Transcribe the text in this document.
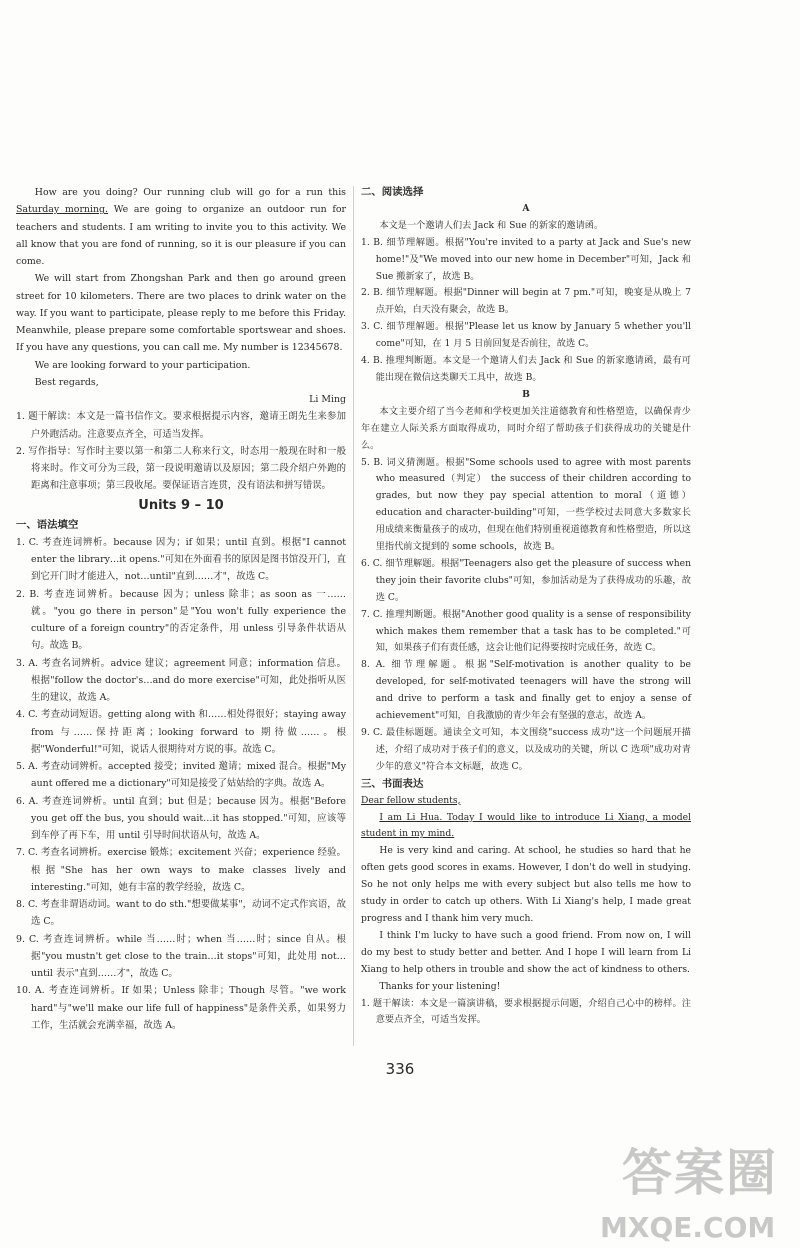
How are you doing? Our running club will go for a run this Saturday morning. We are going to organize an outdoor run for teachers and students. I am writing to invite you to this activity. We all know that you are fond of running, so it is our pleasure if you can come.

We will start from Zhongshan Park and then go around green street for 10 kilometers. There are two places to drink water on the way. If you want to participate, please reply to me before this Friday. Meanwhile, please prepare some comfortable sportswear and shoes. If you have any questions, you can call me. My number is 12345678.

We are looking forward to your participation.

Best regards,

Li Ming

1. 题干解读：本文是一篇书信作文。要求根据提示内容，邀请王朗先生来参加户外跑活动。注意要点齐全，可适当发挥。

2. 写作指导：写作时主要以第一和第二人称来行文，时态用一般现在时和一般将来时。作文可分为三段，第一段说明邀请以及原因；第二段介绍户外跑的距离和注意事项；第三段收尾。要保证语言连贯，没有语法和拼写错误。

Units 9 – 10

一、语法填空

1. C. 考查连词辨析。because 因为；if 如果；until 直到。根据"I cannot enter the library…it opens."可知在外面看书的原因是图书馆没开门，直到它开门时才能进入，not…until"直到……才"，故选 C。

2. B. 考查连词辨析。because 因为；unless 除非；as soon as 一……就。"you go there in person"是"You won't fully experience the culture of a foreign country"的否定条件，用 unless 引导条件状语从句。故选 B。

3. A. 考查名词辨析。advice 建议；agreement 同意；information 信息。根据"follow the doctor's…and do more exercise"可知，此处指听从医生的建议，故选 A。

4. C. 考查动词短语。getting along with 和……相处得很好；staying away from 与……保持距离；looking forward to 期待做……。根据"Wonderful!"可知，说话人很期待对方说的事。故选 C。

5. A. 考查动词辨析。accepted 接受；invited 邀请；mixed 混合。根据"My aunt offered me a dictionary"可知是接受了姑姑给的字典。故选 A。

6. A. 考查连词辨析。until 直到；but 但是；because 因为。根据"Before you get off the bus, you should wait…it has stopped."可知，应该等到车停了再下车，用 until 引导时间状语从句，故选 A。

7. C. 考查名词辨析。exercise 锻炼；excitement 兴奋；experience 经验。根据"She has her own ways to make classes lively and interesting."可知，她有丰富的教学经验，故选 C。

8. C. 考查非谓语动词。want to do sth."想要做某事"，动词不定式作宾语，故选 C。

9. C. 考查连词辨析。while 当……时；when 当……时；since 自从。根据"you mustn't get close to the train…it stops"可知，此处用 not…until 表示"直到……才"，故选 C。

10. A. 考查连词辨析。If 如果；Unless 除非；Though 尽管。"we work hard"与"we'll make our life full of happiness"是条件关系，如果努力工作，生活就会充满幸福，故选 A。

二、阅读选择

A

本文是一个邀请人们去 Jack 和 Sue 的新家的邀请函。

1. B. 细节理解题。根据"You're invited to a party at Jack and Sue's new home!"及"We moved into our new home in December"可知，Jack 和 Sue 搬新家了，故选 B。

2. B. 细节理解题。根据"Dinner will begin at 7 pm."可知，晚宴是从晚上 7 点开始，白天没有聚会，故选 B。

3. C. 细节理解题。根据"Please let us know by January 5 whether you'll come"可知，在 1 月 5 日前回复是否前往，故选 C。

4. B. 推理判断题。本文是一个邀请人们去 Jack 和 Sue 的新家邀请函，最有可能出现在微信这类聊天工具中，故选 B。

B

本文主要介绍了当今老师和学校更加关注道德教育和性格塑造，以确保青少年在建立人际关系方面取得成功，同时介绍了帮助孩子们获得成功的关键是什么。

5. B. 词义猜测题。根据"Some schools used to agree with most parents who measured（判定） the success of their children according to grades, but now they pay special attention to moral（道德） education and character-building"可知，一些学校过去同意大多数家长用成绩来衡量孩子的成功，但现在他们特别重视道德教育和性格塑造，所以这里指代前文提到的 some schools，故选 B。

6. C. 细节理解题。根据"Teenagers also get the pleasure of success when they join their favorite clubs"可知，参加活动是为了获得成功的乐趣，故选 C。

7. C. 推理判断题。根据"Another good quality is a sense of responsibility which makes them remember that a task has to be completed."可知，如果孩子们有责任感，这会让他们记得要按时完成任务，故选 C。

8. A. 细节理解题。根据"Self-motivation is another quality to be developed, for self-motivated teenagers will have the strong will and drive to perform a task and finally get to enjoy a sense of achievement"可知，自我激励的青少年会有坚强的意志，故选 A。

9. C. 最佳标题题。通读全文可知，本文围绕"success 成功"这一个问题展开描述，介绍了成功对于孩子们的意义，以及成功的关键，所以 C 选项"成功对青少年的意义"符合本文标题，故选 C。

三、书面表达

Dear fellow students,

I am Li Hua. Today I would like to introduce Li Xiang, a model student in my mind.

He is very kind and caring. At school, he studies so hard that he often gets good scores in exams. However, I don't do well in studying. So he not only helps me with every subject but also tells me how to study in order to catch up others. With Li Xiang's help, I made great progress and I thank him very much.

I think I'm lucky to have such a good friend. From now on, I will do my best to study better and better. And I hope I will learn from Li Xiang to help others in trouble and show the act of kindness to others.

Thanks for your listening!

1. 题干解读：本文是一篇演讲稿，要求根据提示问题，介绍自己心中的榜样。注意要点齐全，可适当发挥。

336
答案圈
MXQE.COM
